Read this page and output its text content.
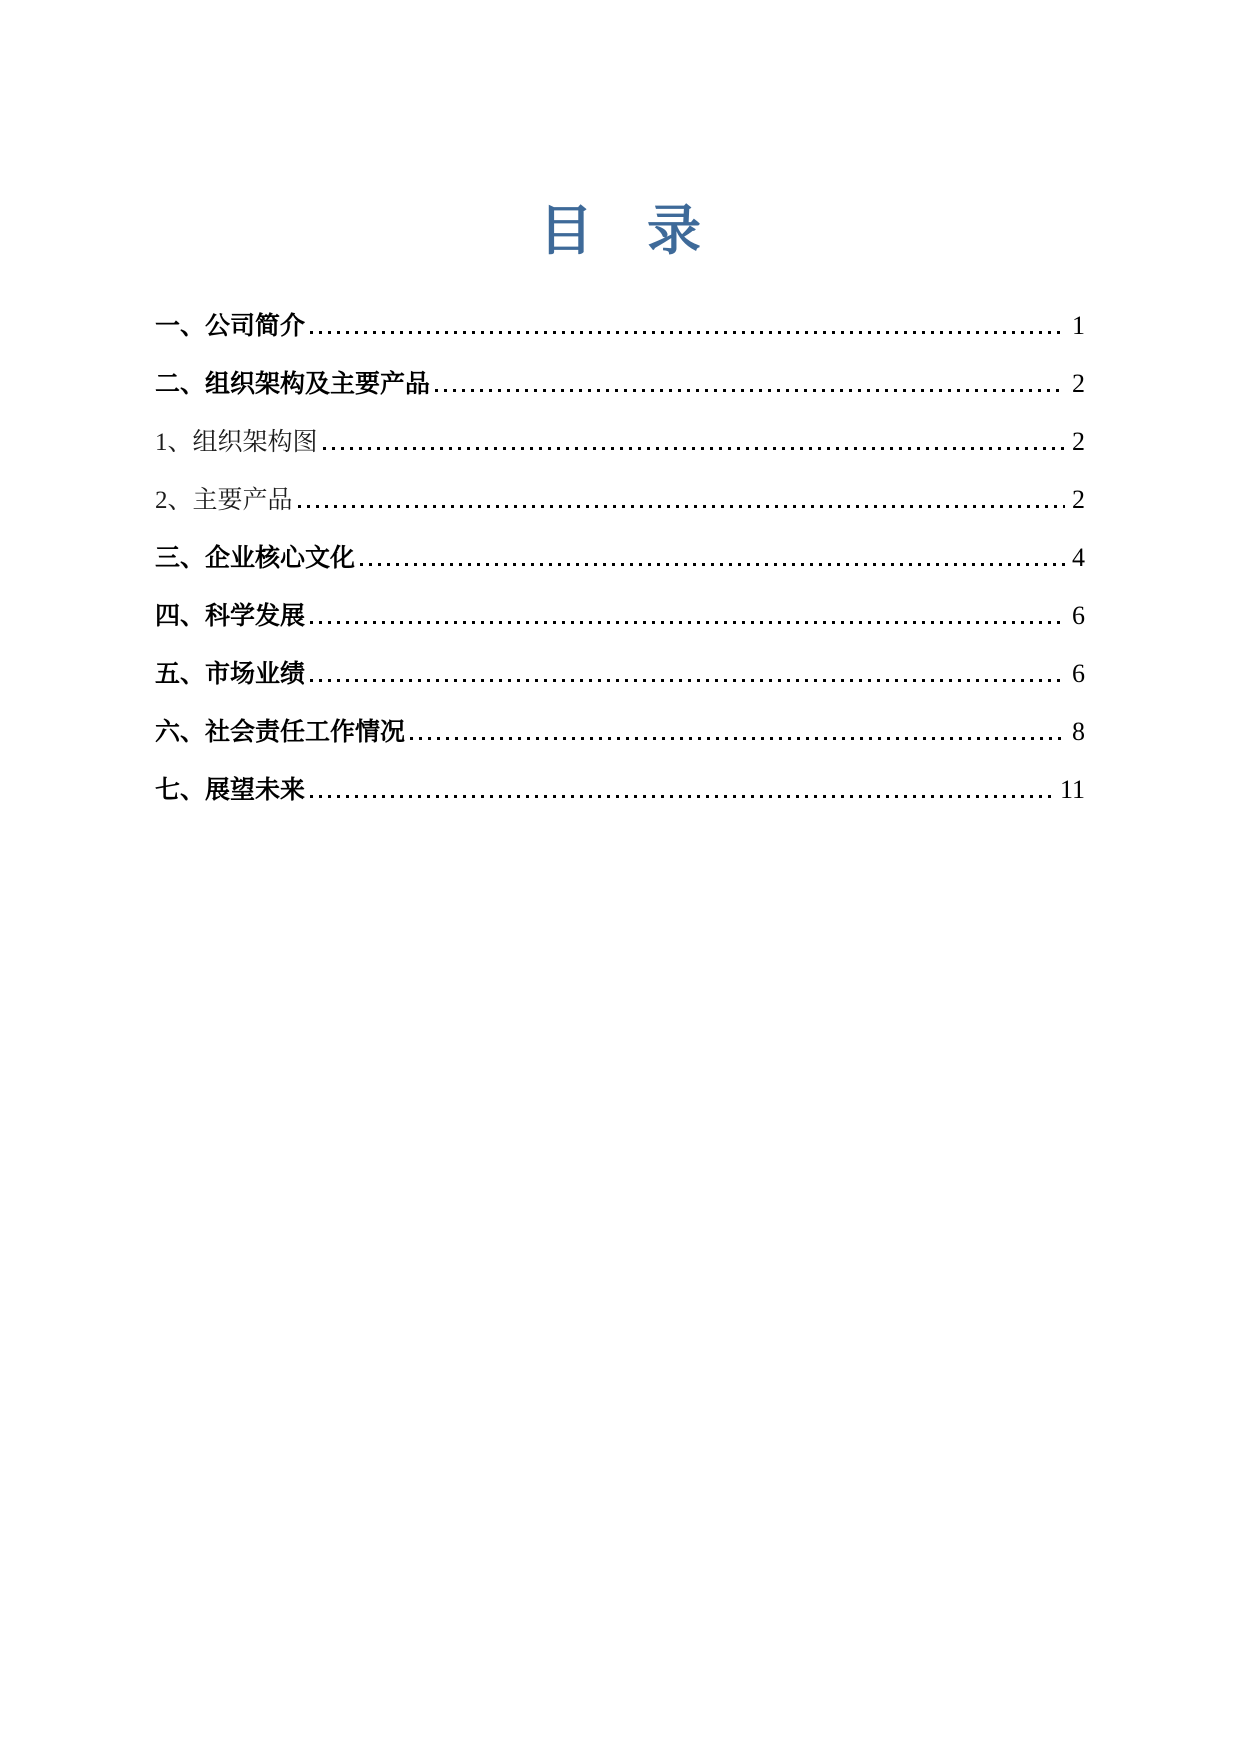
目　录
一、公司简介	1
二、组织架构及主要产品	2
1、组织架构图	2
2、主要产品	2
三、企业核心文化	4
四、科学发展	6
五、市场业绩	6
六、社会责任工作情况	8
七、展望未来	11
